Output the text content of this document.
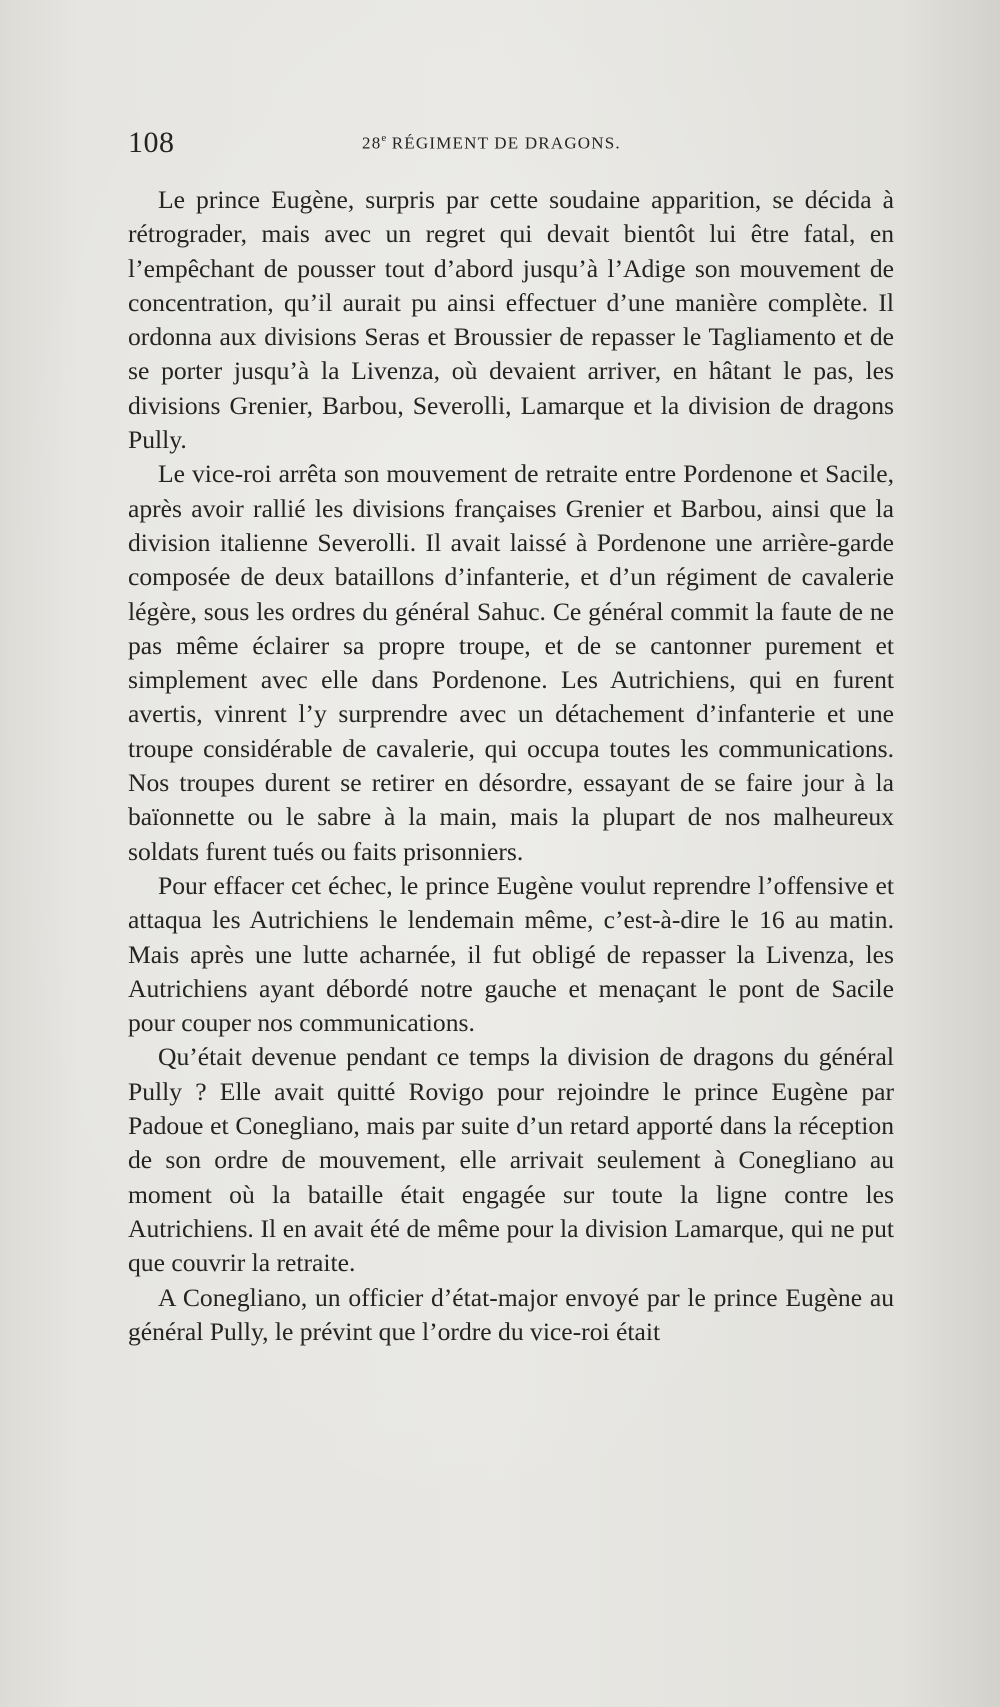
108	28e RÉGIMENT DE DRAGONS.

Le prince Eugène, surpris par cette soudaine apparition, se décida à rétrograder, mais avec un regret qui devait bientôt lui être fatal, en l’empêchant de pousser tout d’abord jusqu’à l’Adige son mouvement de concentration, qu’il aurait pu ainsi effectuer d’une manière complète. Il ordonna aux divisions Seras et Broussier de repasser le Tagliamento et de se porter jusqu’à la Livenza, où devaient arriver, en hâtant le pas, les divisions Grenier, Barbou, Severolli, Lamarque et la division de dragons Pully.

Le vice-roi arrêta son mouvement de retraite entre Pordenone et Sacile, après avoir rallié les divisions françaises Grenier et Barbou, ainsi que la division italienne Severolli. Il avait laissé à Pordenone une arrière-garde composée de deux bataillons d’infanterie, et d’un régiment de cavalerie légère, sous les ordres du général Sahuc. Ce général commit la faute de ne pas même éclairer sa propre troupe, et de se cantonner purement et simplement avec elle dans Pordenone. Les Autrichiens, qui en furent avertis, vinrent l’y surprendre avec un détachement d’infanterie et une troupe considérable de cavalerie, qui occupa toutes les communications. Nos troupes durent se retirer en désordre, essayant de se faire jour à la baïonnette ou le sabre à la main, mais la plupart de nos malheureux soldats furent tués ou faits prisonniers.

Pour effacer cet échec, le prince Eugène voulut reprendre l’offensive et attaqua les Autrichiens le lendemain même, c’est-à-dire le 16 au matin. Mais après une lutte acharnée, il fut obligé de repasser la Livenza, les Autrichiens ayant débordé notre gauche et menaçant le pont de Sacile pour couper nos communications.

Qu’était devenue pendant ce temps la division de dragons du général Pully ? Elle avait quitté Rovigo pour rejoindre le prince Eugène par Padoue et Conegliano, mais par suite d’un retard apporté dans la réception de son ordre de mouvement, elle arrivait seulement à Conegliano au moment où la bataille était engagée sur toute la ligne contre les Autrichiens. Il en avait été de même pour la division Lamarque, qui ne put que couvrir la retraite.

A Conegliano, un officier d’état-major envoyé par le prince Eugène au général Pully, le prévint que l’ordre du vice-roi était
